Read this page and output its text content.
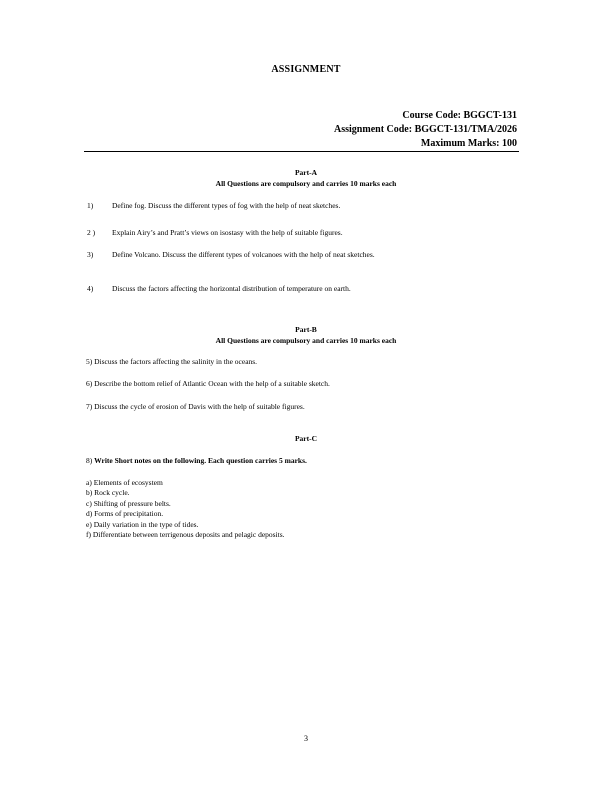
ASSIGNMENT
Course Code: BGGCT-131
Assignment Code: BGGCT-131/TMA/2026
Maximum Marks: 100
Part-A
All Questions are compulsory and carries 10 marks each
1)	Define fog. Discuss the different types of fog with the help of neat sketches.
2 ) Explain Airy’s and Pratt’s views on isostasy with the help of suitable figures.
3)	Define Volcano. Discuss the different types of volcanoes with the help of neat sketches.
4)	Discuss the factors affecting the horizontal distribution of temperature on earth.
Part-B
All Questions are compulsory and carries 10 marks each
5) Discuss the factors affecting the salinity in the oceans.
6) Describe the bottom relief of Atlantic Ocean with the help of a suitable sketch.
7) Discuss the cycle of erosion of Davis with the help of suitable figures.
Part-C
8) Write Short notes on the following. Each question carries 5 marks.
a) Elements of ecosystem
b) Rock cycle.
c) Shifting of pressure belts.
d) Forms of precipitation.
e) Daily variation in the type of tides.
f) Differentiate between terrigenous deposits and pelagic deposits.
3
